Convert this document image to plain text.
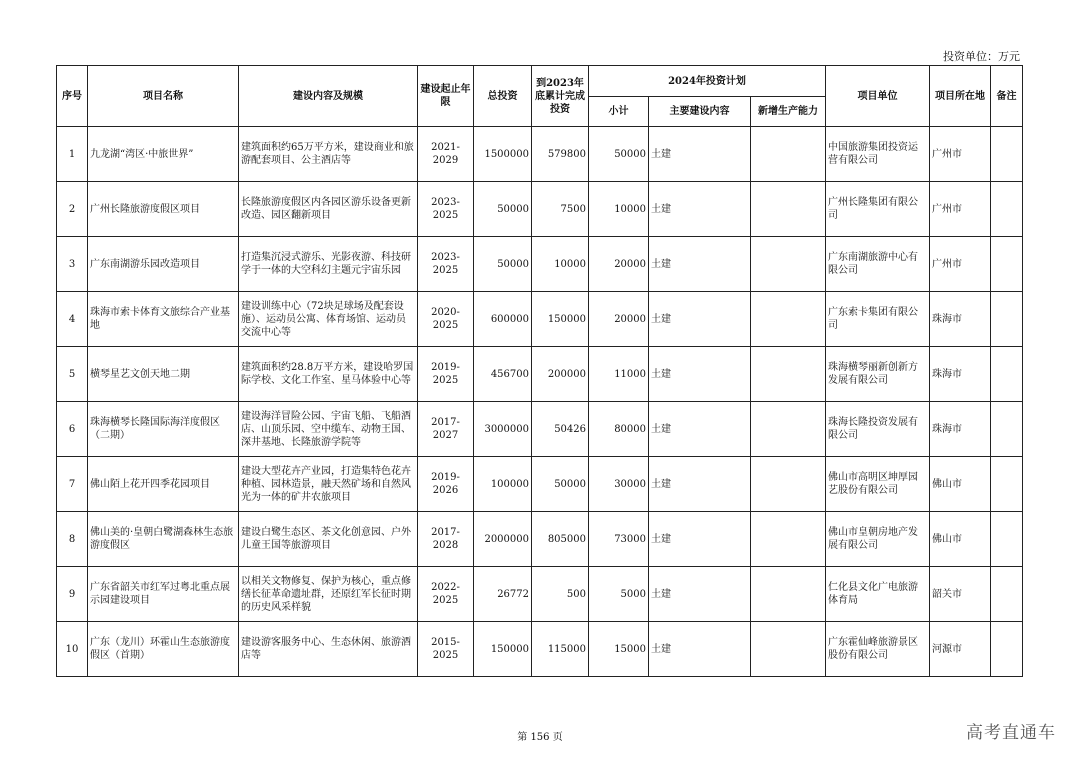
投资单位：万元
序号	项目名称	建设内容及规模	建设起止年限	总投资	到2023年底累计完成投资	2024年投资计划			项目单位	项目所在地	备注
						小计	主要建设内容	新增生产能力			
1	九龙湖“湾区·中旅世界”	建筑面积约65万平方米，建设商业和旅游配套项目、公主酒店等	2021-2029	1500000	579800	50000	土建		中国旅游集团投资运营有限公司	广州市	
2	广州长隆旅游度假区项目	长隆旅游度假区内各园区游乐设备更新改造、园区翻新项目	2023-2025	50000	7500	10000	土建		广州长隆集团有限公司	广州市	
3	广东南湖游乐园改造项目	打造集沉浸式游乐、光影夜游、科技研学于一体的大空科幻主题元宇宙乐园	2023-2025	50000	10000	20000	土建		广东南湖旅游中心有限公司	广州市	
4	珠海市索卡体育文旅综合产业基地	建设训练中心（72块足球场及配套设施）、运动员公寓、体育场馆、运动员交流中心等	2020-2025	600000	150000	20000	土建		广东索卡集团有限公司	珠海市	
5	横琴星艺文创天地二期	建筑面积约28.8万平方米，建设哈罗国际学校、文化工作室、星马体验中心等	2019-2025	456700	200000	11000	土建		珠海横琴丽新创新方发展有限公司	珠海市	
6	珠海横琴长隆国际海洋度假区（二期）	建设海洋冒险公园、宇宙飞船、飞船酒店、山顶乐园、空中缆车、动物王国、深井基地、长隆旅游学院等	2017-2027	3000000	50426	80000	土建		珠海长隆投资发展有限公司	珠海市	
7	佛山陌上花开四季花园项目	建设大型花卉产业园，打造集特色花卉种植、园林造景，融天然矿场和自然风光为一体的矿井农旅项目	2019-2026	100000	50000	30000	土建		佛山市高明区坤厚园艺股份有限公司	佛山市	
8	佛山美的·皇朝白鹭湖森林生态旅游度假区	建设白鹭生态区、茶文化创意园、户外儿童王国等旅游项目	2017-2028	2000000	805000	73000	土建		佛山市皇朝房地产发展有限公司	佛山市	
9	广东省韶关市红军过粤北重点展示园建设项目	以相关文物修复、保护为核心，重点修缮长征革命遗址群，还原红军长征时期的历史风采样貌	2022-2025	26772	500	5000	土建		仁化县文化广电旅游体育局	韶关市	
10	广东（龙川）环霍山生态旅游度假区（首期）	建设游客服务中心、生态休闲、旅游酒店等	2015-2025	150000	115000	15000	土建		广东霍仙峰旅游景区股份有限公司	河源市	
第 156 页	高考直通车
